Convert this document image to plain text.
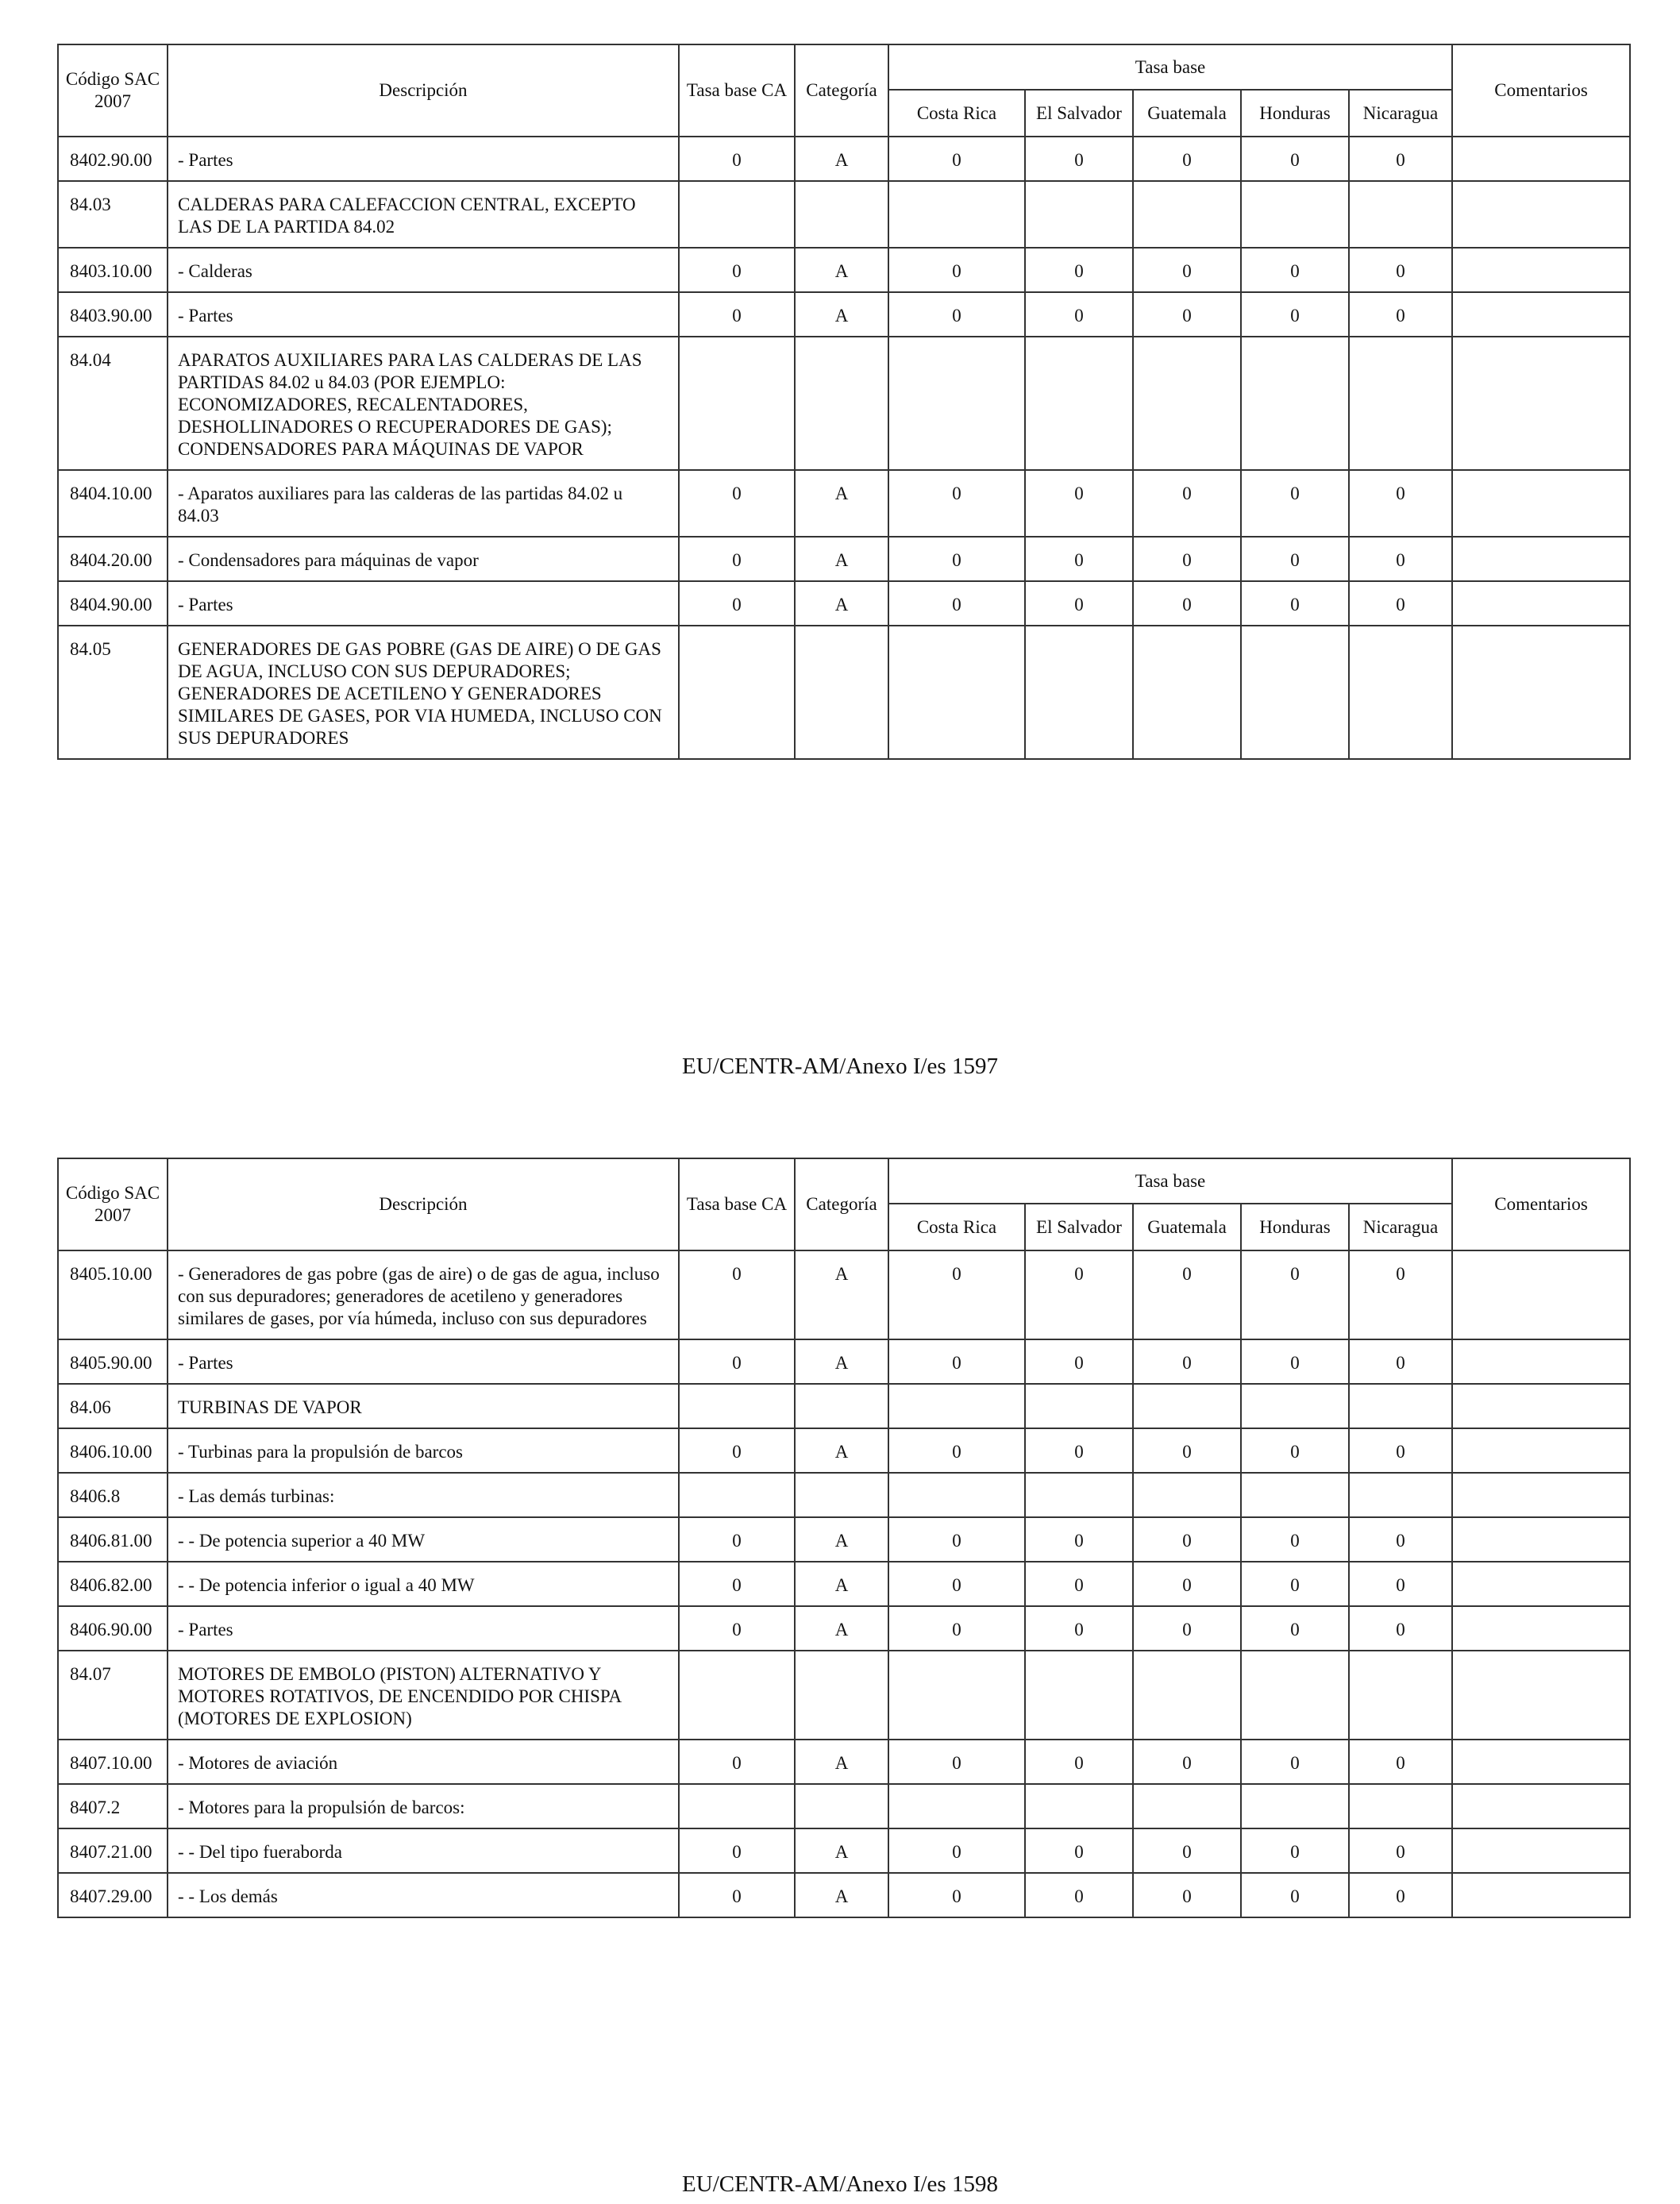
Código SAC 2007	Descripción	Tasa base CA	Categoría	Tasa base					Comentarios
				Costa Rica	El Salvador	Guatemala	Honduras	Nicaragua	
8402.90.00	- Partes	0	A	0	0	0	0	0	
84.03	CALDERAS PARA CALEFACCION CENTRAL, EXCEPTO LAS DE LA PARTIDA 84.02								
8403.10.00	- Calderas	0	A	0	0	0	0	0	
8403.90.00	- Partes	0	A	0	0	0	0	0	
84.04	APARATOS AUXILIARES PARA LAS CALDERAS DE LAS PARTIDAS 84.02 u 84.03 (POR EJEMPLO: ECONOMIZADORES, RECALENTADORES, DESHOLLINADORES O RECUPERADORES DE GAS); CONDENSADORES PARA MÁQUINAS DE VAPOR								
8404.10.00	- Aparatos auxiliares para las calderas de las partidas 84.02 u 84.03	0	A	0	0	0	0	0	
8404.20.00	- Condensadores para máquinas de vapor	0	A	0	0	0	0	0	
8404.90.00	- Partes	0	A	0	0	0	0	0	
84.05	GENERADORES DE GAS POBRE (GAS DE AIRE) O DE GAS DE AGUA, INCLUSO CON SUS DEPURADORES; GENERADORES DE ACETILENO Y GENERADORES SIMILARES DE GASES, POR VIA HUMEDA, INCLUSO CON SUS DEPURADORES								
EU/CENTR-AM/Anexo I/es 1597
Código SAC 2007	Descripción	Tasa base CA	Categoría	Tasa base					Comentarios
				Costa Rica	El Salvador	Guatemala	Honduras	Nicaragua	
8405.10.00	- Generadores de gas pobre (gas de aire) o de gas de agua, incluso con sus depuradores; generadores de acetileno y generadores similares de gases, por vía húmeda, incluso con sus depuradores	0	A	0	0	0	0	0	
8405.90.00	- Partes	0	A	0	0	0	0	0	
84.06	TURBINAS DE VAPOR								
8406.10.00	- Turbinas para la propulsión de barcos	0	A	0	0	0	0	0	
8406.8	- Las demás turbinas:								
8406.81.00	- - De potencia superior a 40 MW	0	A	0	0	0	0	0	
8406.82.00	- - De potencia inferior o igual a 40 MW	0	A	0	0	0	0	0	
8406.90.00	- Partes	0	A	0	0	0	0	0	
84.07	MOTORES DE EMBOLO (PISTON) ALTERNATIVO Y MOTORES ROTATIVOS, DE ENCENDIDO POR CHISPA (MOTORES DE EXPLOSION)								
8407.10.00	- Motores de aviación	0	A	0	0	0	0	0	
8407.2	- Motores para la propulsión de barcos:								
8407.21.00	- - Del tipo fueraborda	0	A	0	0	0	0	0	
8407.29.00	- - Los demás	0	A	0	0	0	0	0	
EU/CENTR-AM/Anexo I/es 1598
